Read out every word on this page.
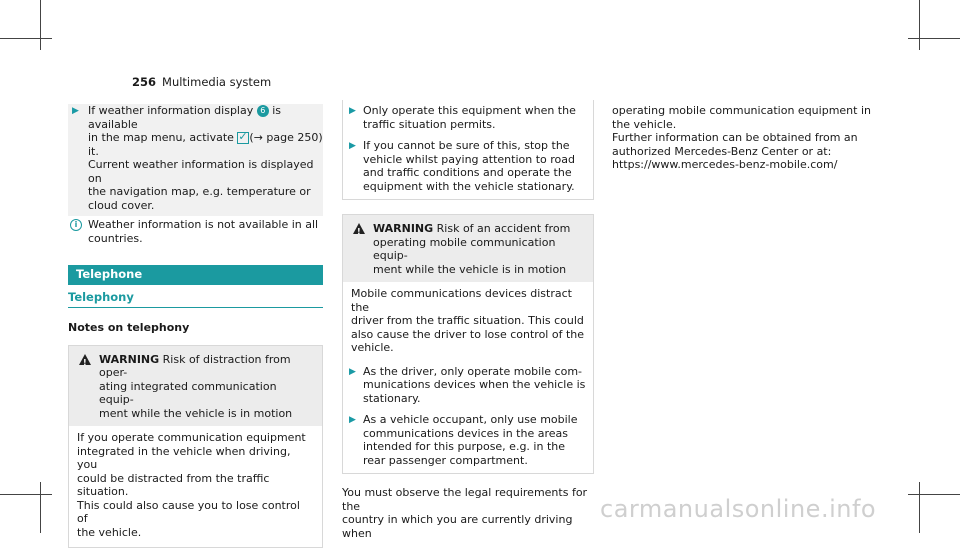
256 Multimedia system
▶ If weather information display 6 is available
in the map menu, activate ✓ (→ page 250)
it.
Current weather information is displayed on
the navigation map, e.g. temperature or
cloud cover.
i Weather information is not available in all
countries.
Telephone
Telephony
Notes on telephony
!
WARNING Risk of distraction from oper-
ating integrated communication equip-
ment while the vehicle is in motion
If you operate communication equipment
integrated in the vehicle when driving, you
could be distracted from the traffic situation.
This could also cause you to lose control of
the vehicle.
▶ Only operate this equipment when the
traffic situation permits.
▶ If you cannot be sure of this, stop the
vehicle whilst paying attention to road
and traffic conditions and operate the
equipment with the vehicle stationary.
!
WARNING Risk of an accident from
operating mobile communication equip-
ment while the vehicle is in motion
Mobile communications devices distract the
driver from the traffic situation. This could
also cause the driver to lose control of the
vehicle.
▶ As the driver, only operate mobile com-
munications devices when the vehicle is
stationary.
▶ As a vehicle occupant, only use mobile
communications devices in the areas
intended for this purpose, e.g. in the
rear passenger compartment.
You must observe the legal requirements for the
country in which you are currently driving when
operating mobile communication equipment in
the vehicle.
Further information can be obtained from an
authorized Mercedes-Benz Center or at:
https://www.mercedes-benz-mobile.com/
carmanualsonline.info
